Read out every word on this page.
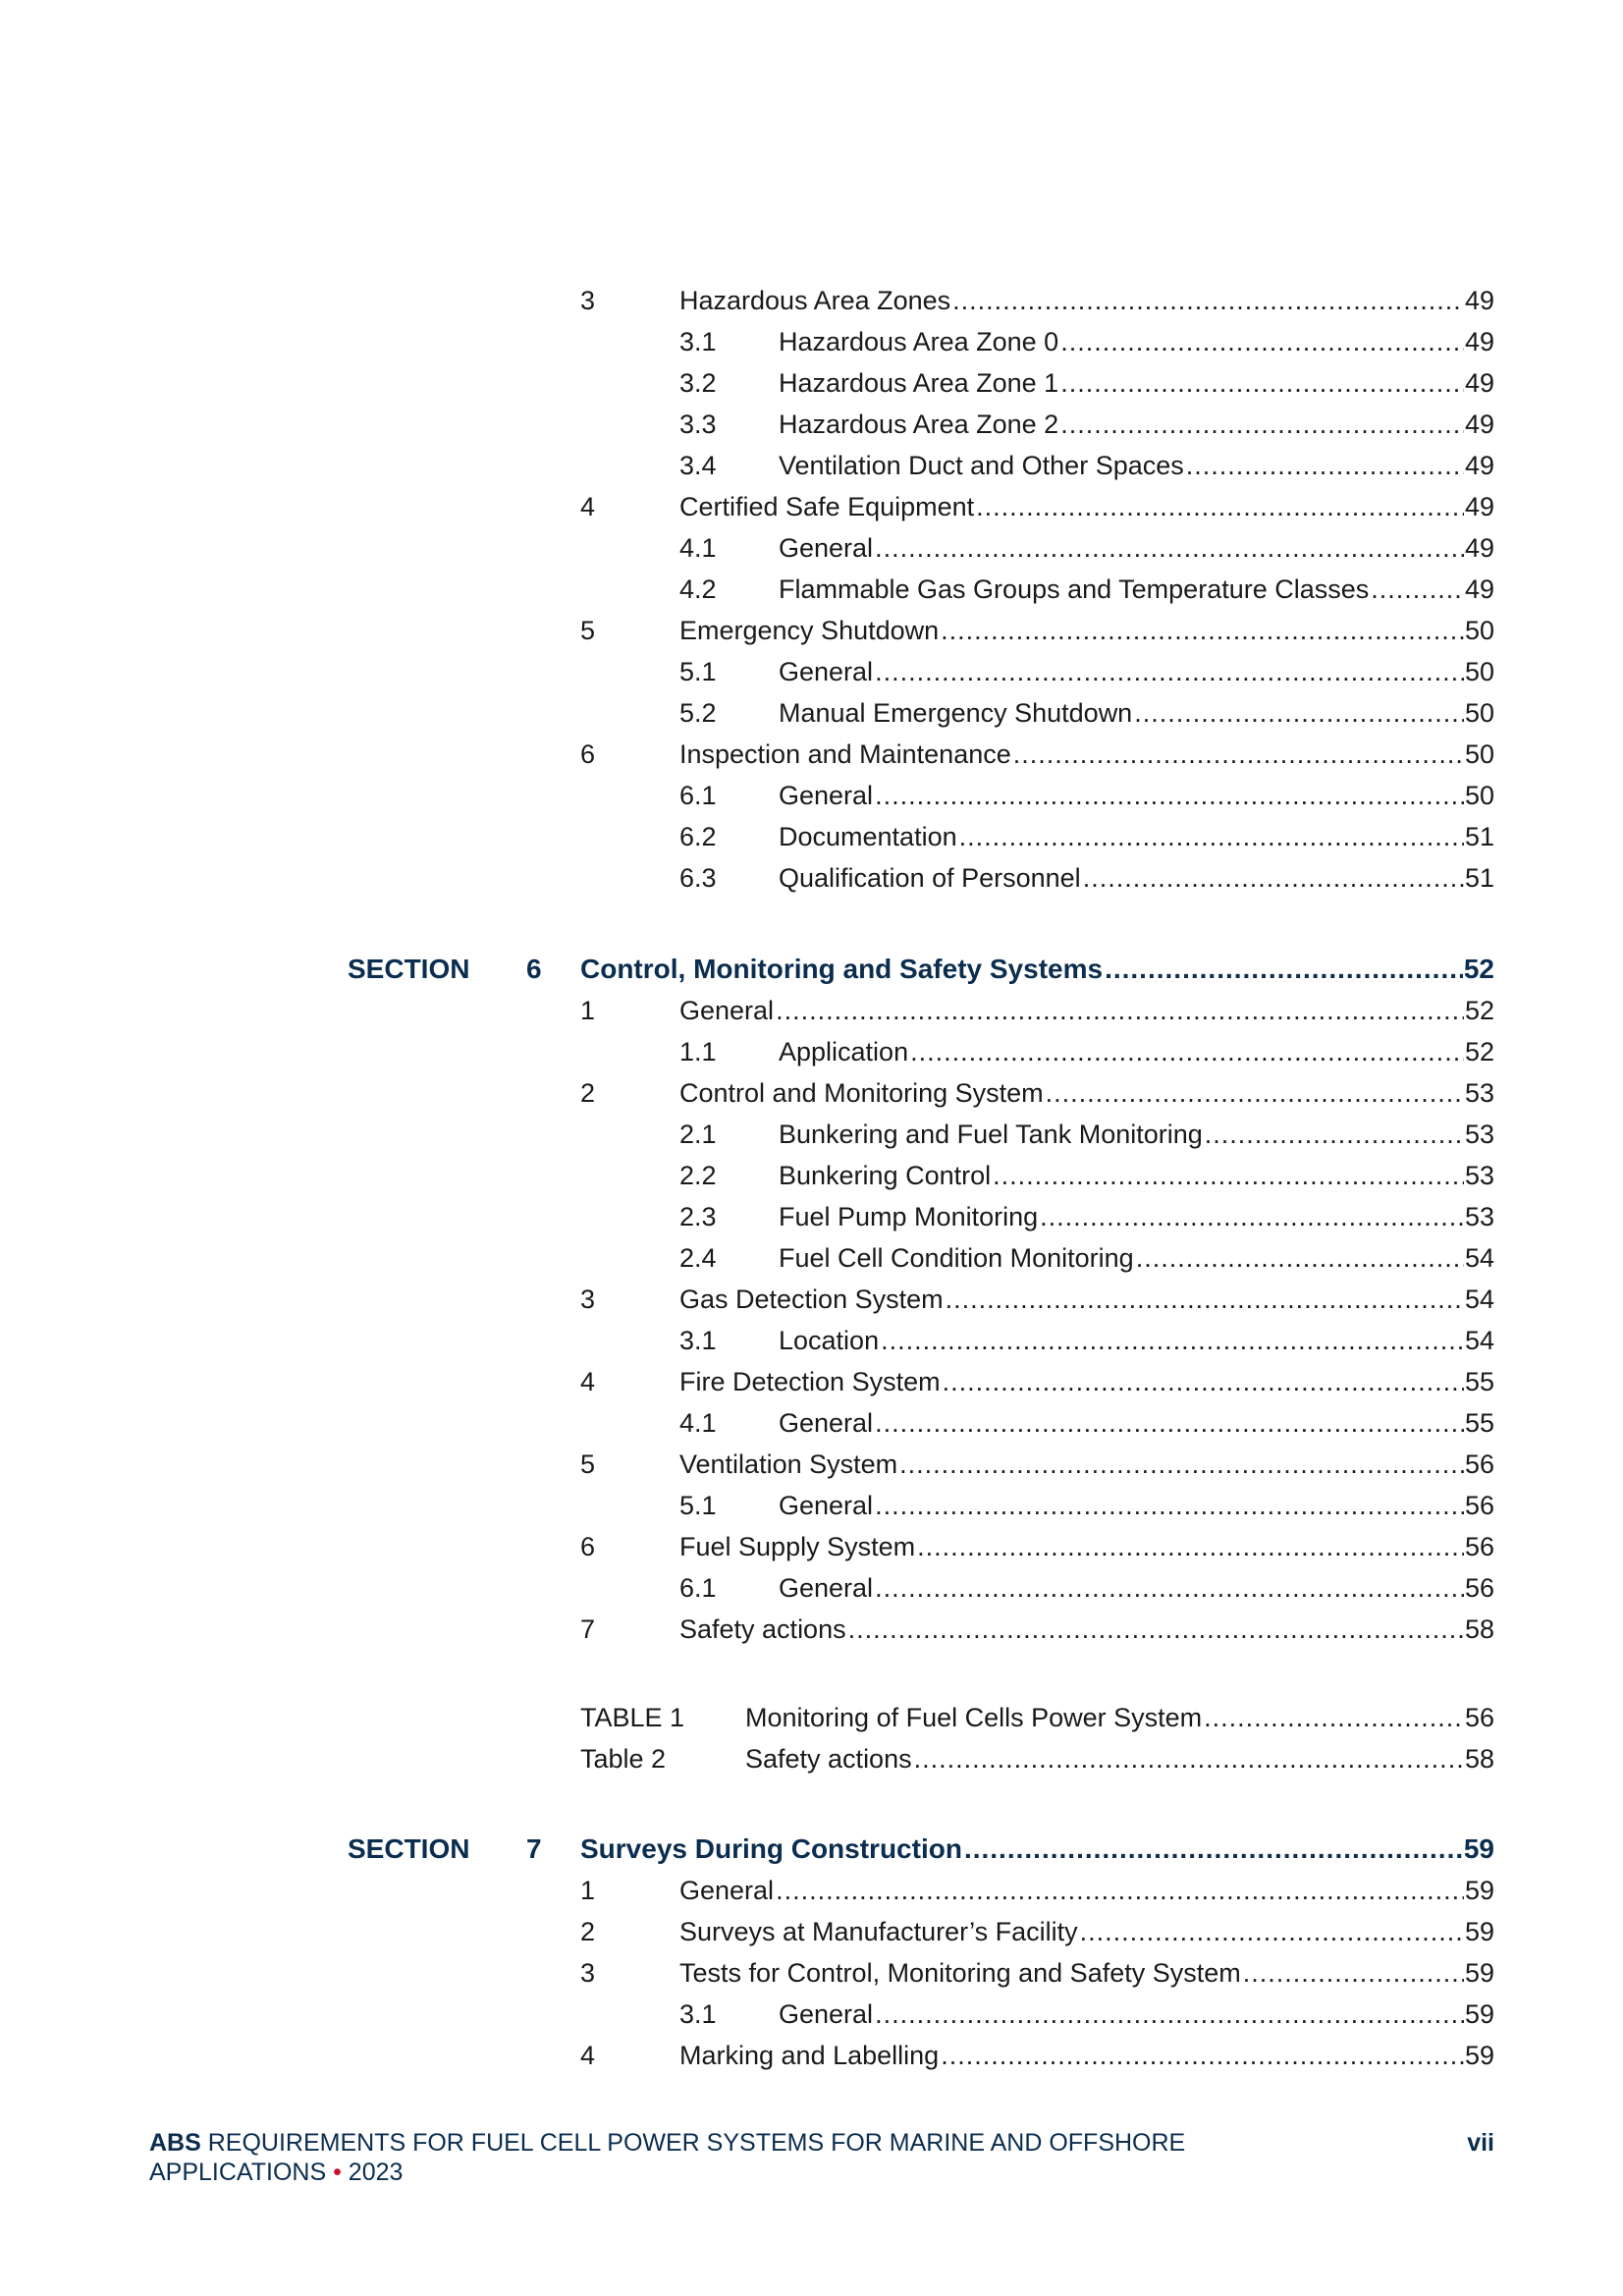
3	Hazardous Area Zones .....	49
3.1 Hazardous Area Zone 0 .....	49
3.2 Hazardous Area Zone 1 .....	49
3.3 Hazardous Area Zone 2 .....	49
3.4 Ventilation Duct and Other Spaces .....	49
4	Certified Safe Equipment .....	49
4.1 General .....	49
4.2 Flammable Gas Groups and Temperature Classes .....	49
5	Emergency Shutdown .....	50
5.1 General .....	50
5.2 Manual Emergency Shutdown .....	50
6	Inspection and Maintenance .....	50
6.1 General .....	50
6.2 Documentation .....	51
6.3 Qualification of Personnel .....	51
SECTION 6 Control, Monitoring and Safety Systems .....	52
1	General .....	52
1.1 Application .....	52
2	Control and Monitoring System .....	53
2.1 Bunkering and Fuel Tank Monitoring .....	53
2.2 Bunkering Control .....	53
2.3 Fuel Pump Monitoring .....	53
2.4 Fuel Cell Condition Monitoring .....	54
3	Gas Detection System .....	54
3.1 Location .....	54
4	Fire Detection System .....	55
4.1 General .....	55
5	Ventilation System .....	56
5.1 General .....	56
6	Fuel Supply System .....	56
6.1 General .....	56
7	Safety actions .....	58
TABLE 1 Monitoring of Fuel Cells Power System .....	56
Table 2	Safety actions .....	58
SECTION 7 Surveys During Construction .....	59
1	General .....	59
2	Surveys at Manufacturer’s Facility .....	59
3	Tests for Control, Monitoring and Safety System .....	59
3.1 General .....	59
4	Marking and Labelling .....	59
ABS REQUIREMENTS FOR FUEL CELL POWER SYSTEMS FOR MARINE AND OFFSHORE
APPLICATIONS • 2023
vii
